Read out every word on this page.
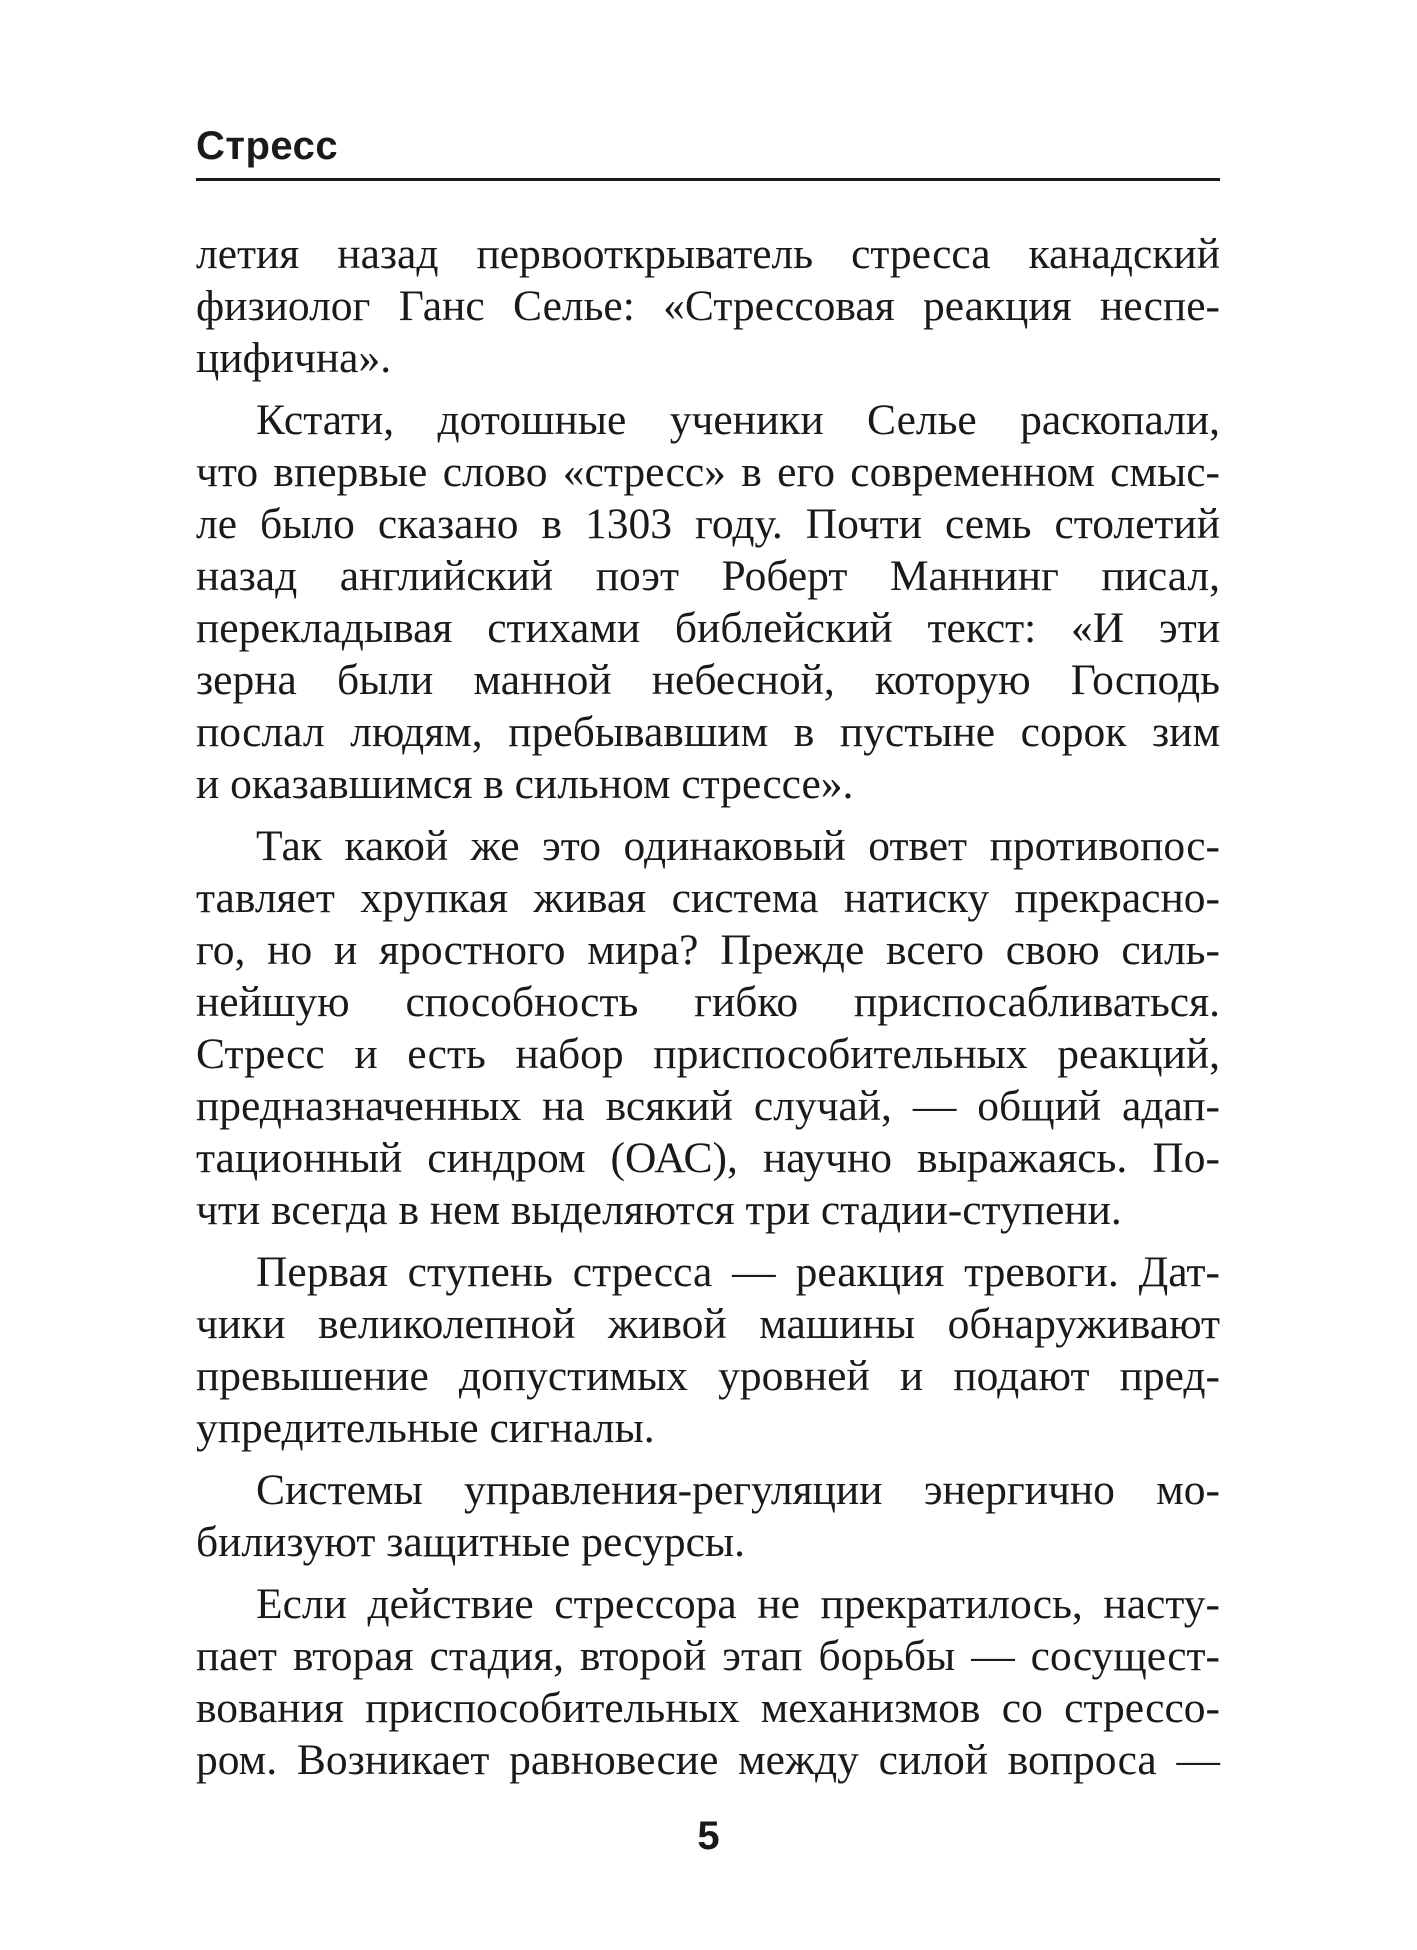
Стресс

летия назад первооткрыватель стресса канадский
физиолог Ганс Селье: «Стрессовая реакция неспе-
цифична».

Кстати, дотошные ученики Селье раскопали,
что впервые слово «стресс» в его современном смыс-
ле было сказано в 1303 году. Почти семь столетий
назад английский поэт Роберт Маннинг писал,
перекладывая стихами библейский текст: «И эти
зерна были манной небесной, которую Господь
послал людям, пребывавшим в пустыне сорок зим
и оказавшимся в сильном стрессе».

Так какой же это одинаковый ответ противопос-
тавляет хрупкая живая система натиску прекрасно-
го, но и яростного мира? Прежде всего свою силь-
нейшую способность гибко приспосабливаться.
Стресс и есть набор приспособительных реакций,
предназначенных на всякий случай, — общий адап-
тационный синдром (ОАС), научно выражаясь. По-
чти всегда в нем выделяются три стадии-ступени.

Первая ступень стресса — реакция тревоги. Дат-
чики великолепной живой машины обнаруживают
превышение допустимых уровней и подают пред-
упредительные сигналы.

Системы управления-регуляции энергично мо-
билизуют защитные ресурсы.

Если действие стрессора не прекратилось, насту-
пает вторая стадия, второй этап борьбы — сосущест-
вования приспособительных механизмов со стрессо-
ром. Возникает равновесие между силой вопроса —

5
